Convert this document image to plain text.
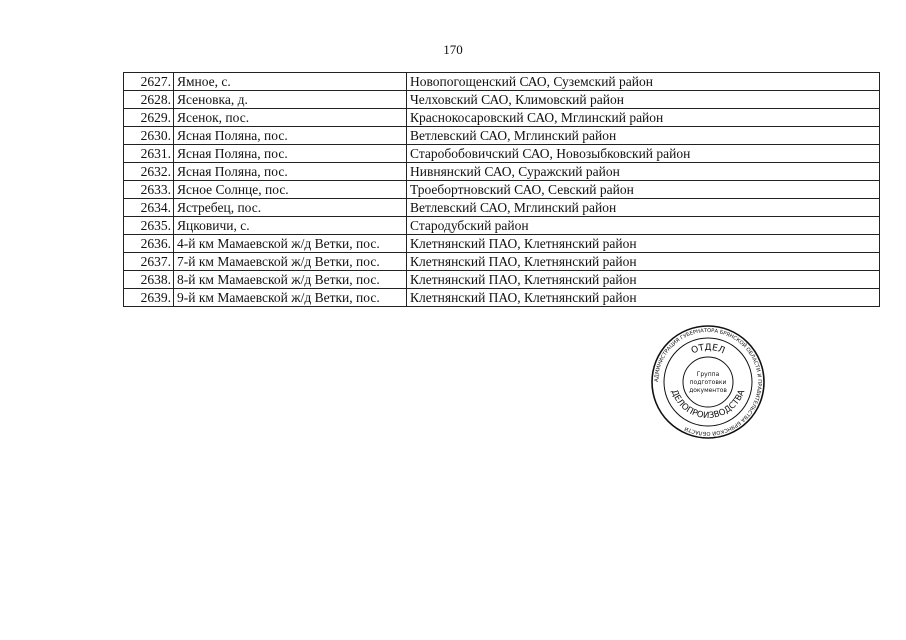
170
2627.	Ямное, с.	Новопогощенский САО, Суземский район
2628.	Ясеновка, д.	Челховский САО, Климовский район
2629.	Ясенок, пос.	Краснокосаровский САО, Мглинский район
2630.	Ясная Поляна, пос.	Ветлевский САО, Мглинский район
2631.	Ясная Поляна, пос.	Старобобовичский САО, Новозыбковский район
2632.	Ясная Поляна, пос.	Нивнянский САО, Суражский район
2633.	Ясное Солнце, пос.	Троебортновский САО, Севский район
2634.	Ястребец, пос.	Ветлевский САО, Мглинский район
2635.	Яцковичи, с.	Стародубский район
2636.	4-й км Мамаевской ж/д Ветки, пос.	Клетнянский ПАО, Клетнянский район
2637.	7-й км Мамаевской ж/д Ветки, пос.	Клетнянский ПАО, Клетнянский район
2638.	8-й км Мамаевской ж/д Ветки, пос.	Клетнянский ПАО, Клетнянский район
2639.	9-й км Мамаевской ж/д Ветки, пос.	Клетнянский ПАО, Клетнянский район
АДМИНИСТРАЦИЯ ГУБЕРНАТОРА БРЯНСКОЙ ОБЛАСТИ И ПРАВИТЕЛЬСТВА БРЯНСКОЙ ОБЛАСТИ
ОТДЕЛ
ДЕЛОПРОИЗВОДСТВА
Группа
подготовки
документов
